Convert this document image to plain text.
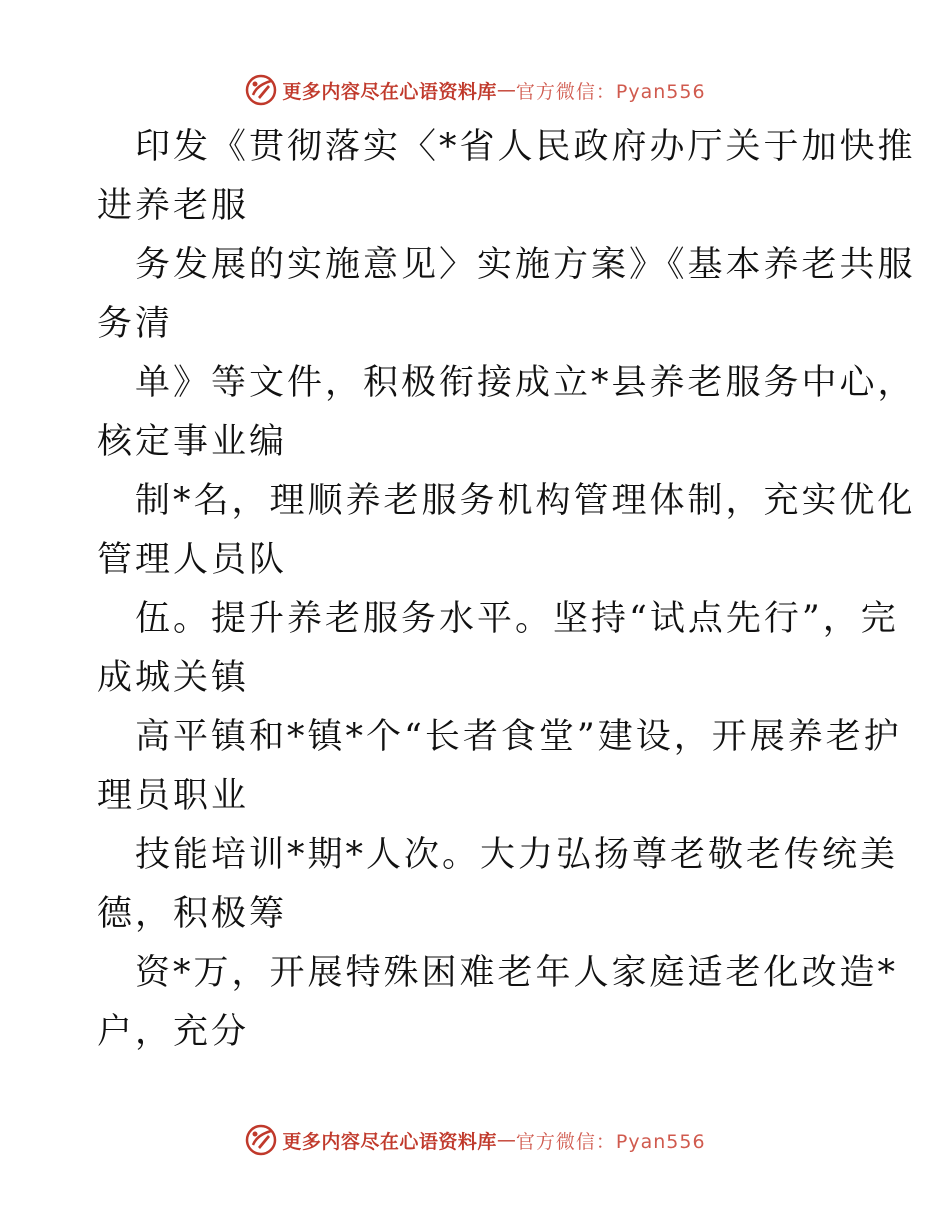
更多内容尽在心语资料库 — 官方微信：Pyan556
印发《贯彻落实〈*省人民政府办厅关于加快推
进养老服
务发展的实施意见〉实施方案》《基本养老共服
务清
单》等文件，积极衔接成立*县养老服务中心，
核定事业编
制*名，理顺养老服务机构管理体制，充实优化
管理人员队
伍。提升养老服务水平。坚持“试点先行”，完
成城关镇
高平镇和*镇*个“长者食堂”建设，开展养老护
理员职业
技能培训*期*人次。大力弘扬尊老敬老传统美
德，积极筹
资*万，开展特殊困难老年人家庭适老化改造*
户，充分
更多内容尽在心语资料库 — 官方微信：Pyan556
